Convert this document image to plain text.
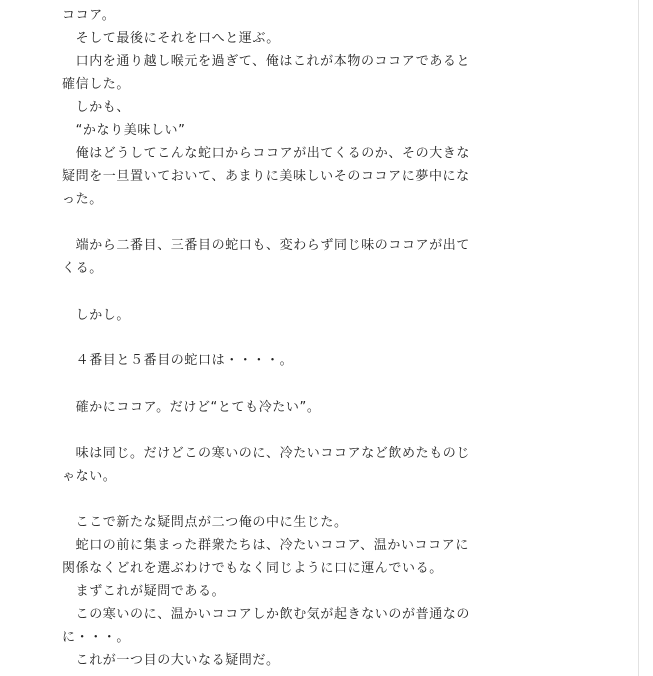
ココア。
　そして最後にそれを口へと運ぶ。
　口内を通り越し喉元を過ぎて、俺はこれが本物のココアであると
確信した。
　しかも、
　“かなり美味しい”
　俺はどうしてこんな蛇口からココアが出てくるのか、その大きな
疑問を一旦置いておいて、あまりに美味しいそのココアに夢中にな
った。
　端から二番目、三番目の蛇口も、変わらず同じ味のココアが出て
くる。
　しかし。
　４番目と５番目の蛇口は・・・・。
　確かにココア。だけど“とても冷たい”。
　味は同じ。だけどこの寒いのに、冷たいココアなど飲めたものじ
ゃない。
　ここで新たな疑問点が二つ俺の中に生じた。
　蛇口の前に集まった群衆たちは、冷たいココア、温かいココアに
関係なくどれを選ぶわけでもなく同じように口に運んでいる。
　まずこれが疑問である。
　この寒いのに、温かいココアしか飲む気が起きないのが普通なの
に・・・。
　これが一つ目の大いなる疑問だ。
